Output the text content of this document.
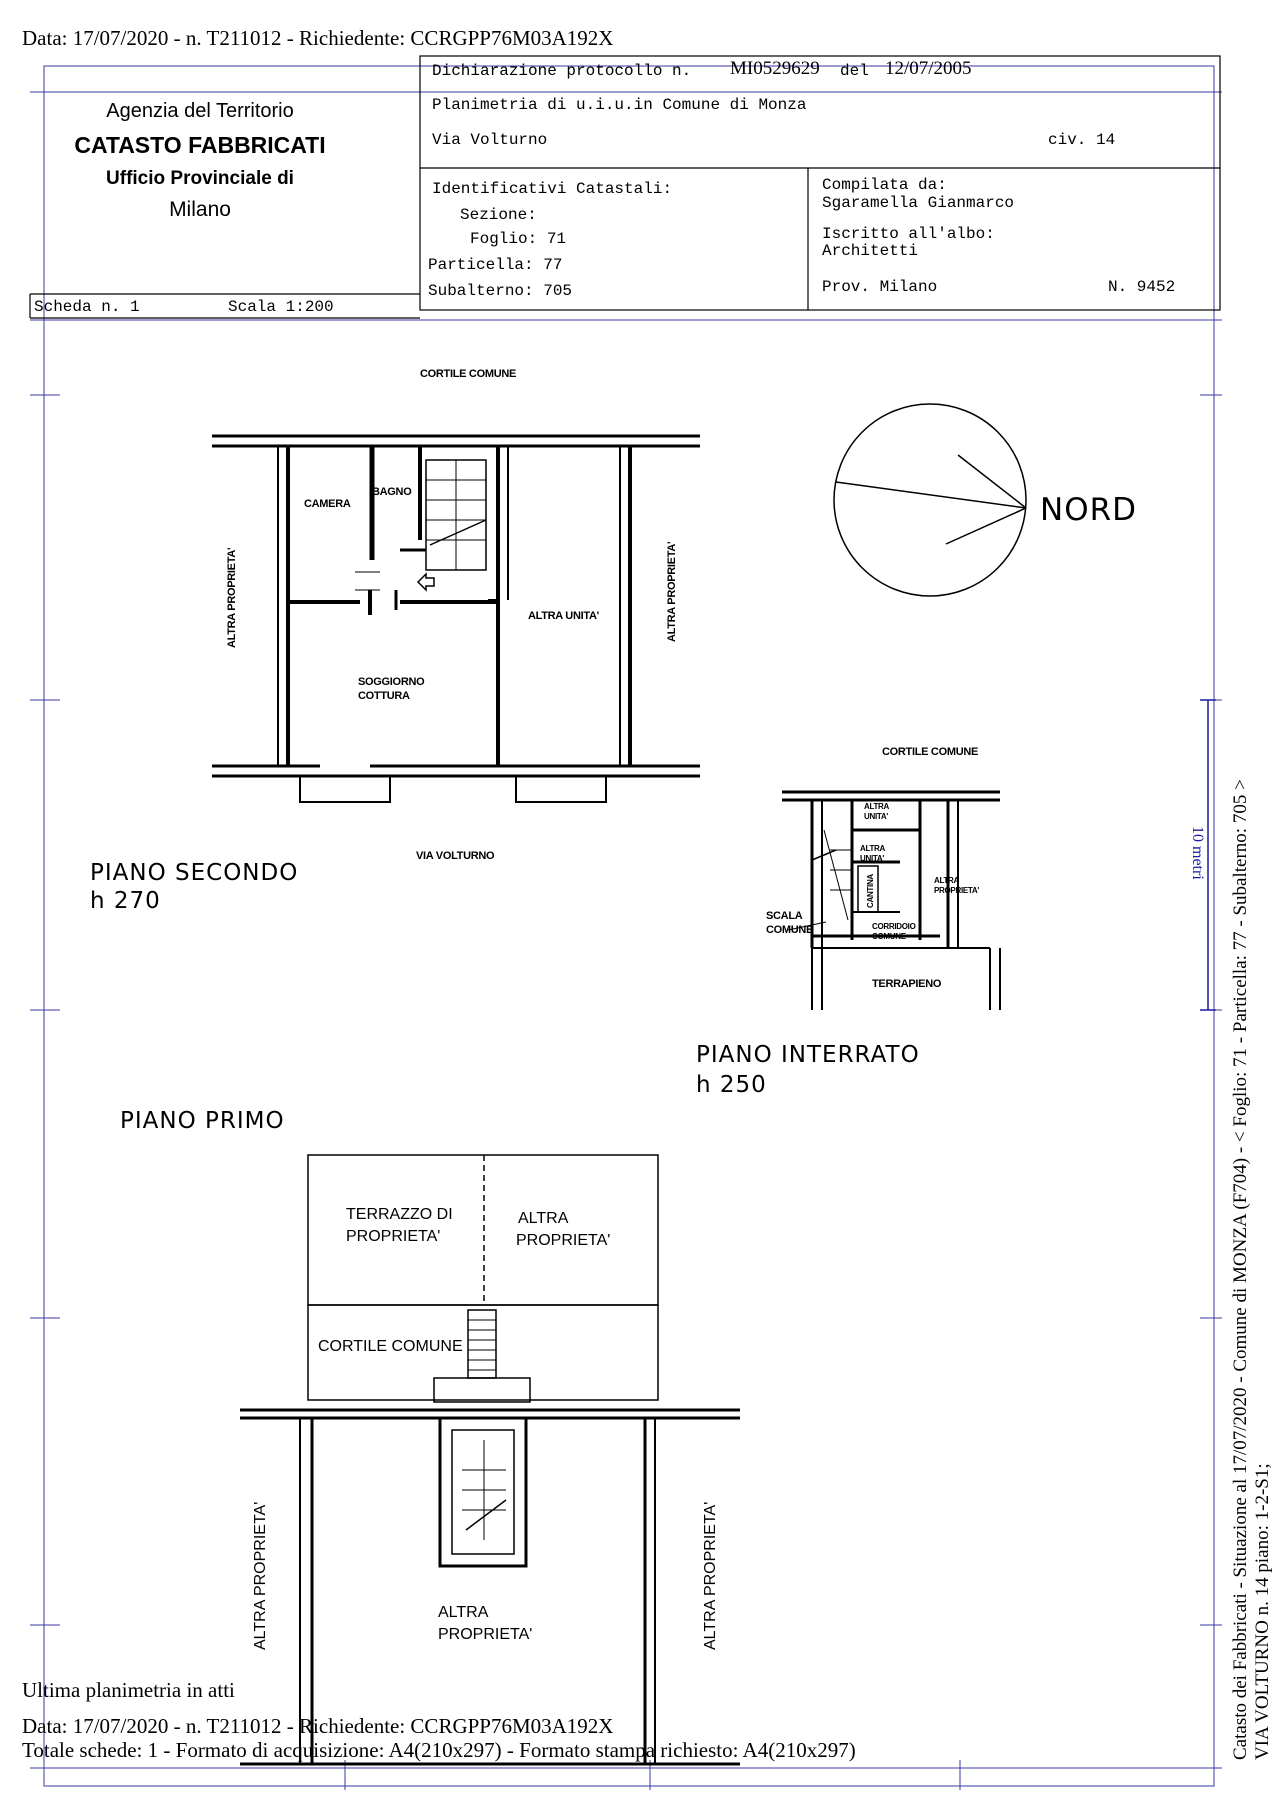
Data: 17/07/2020 - n. T211012 - Richiedente: CCRGPP76M03A192X
Agenzia del Territorio
CATASTO FABBRICATI
Ufficio Provinciale di
Milano
Dichiarazione protocollo n. MI0529629 del 12/07/2005
Planimetria di u.i.u.in Comune di Monza
Via Volturno	civ. 14
Identificativi Catastali:
Sezione:
Foglio: 71
Particella: 77
Subalterno: 705
Compilata da:
Sgaramella Gianmarco
Iscritto all'albo:
Architetti
Prov. Milano	N. 9452
Scheda n. 1	Scala 1:200
CORTILE COMUNE
CAMERA
BAGNO
SOGGIORNO
COTTURA
ALTRA UNITA'
ALTRA PROPRIETA'	ALTRA PROPRIETA'
VIA VOLTURNO
NORD
PIANO SECONDO
h 270
CORTILE COMUNE
ALTRA
UNITA'
ALTRA
UNITA'
CANTINA	ALTRA
PROPRIETA'
SCALA
COMUNE	CORRIDOIO
COMUNE
TERRAPIENO
PIANO INTERRATO
h 250
PIANO PRIMO
TERRAZZO DI
PROPRIETA'
ALTRA
PROPRIETA'
CORTILE COMUNE
ALTRA
PROPRIETA'
ALTRA PROPRIETA'	ALTRA PROPRIETA'
10 metri Catasto dei Fabbricati - Situazione al 17/07/2020 - Comune di MONZA (F704) - < Foglio: 71 - Particella: 77 - Subalterno: 705 > VIA VOLTURNO n. 14 piano: 1-2-S1;
Ultima planimetria in atti
Data: 17/07/2020 - n. T211012 - Richiedente: CCRGPP76M03A192X
Totale schede: 1 - Formato di acquisizione: A4(210x297) - Formato stampa richiesto: A4(210x297)
